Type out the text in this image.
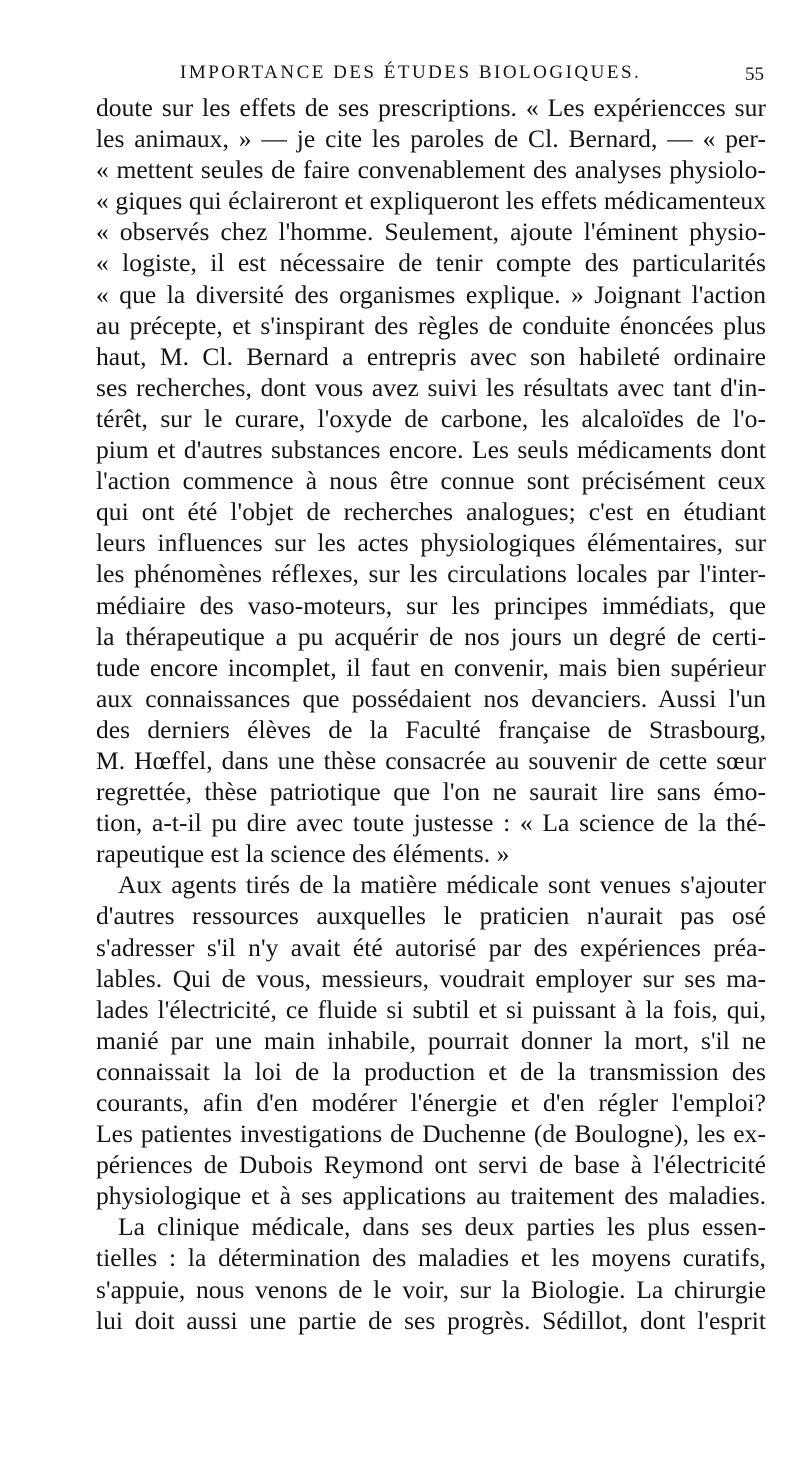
IMPORTANCE DES ÉTUDES BIOLOGIQUES.	55
doute sur les effets de ses prescriptions. « Les expériencces sur
les animaux, » — je cite les paroles de Cl. Bernard, — « per-
« mettent seules de faire convenablement des analyses physiolo-
« giques qui éclaireront et expliqueront les effets médicamenteux
« observés chez l'homme. Seulement, ajoute l'éminent physio-
« logiste, il est nécessaire de tenir compte des particularités
« que la diversité des organismes explique. » Joignant l'action
au précepte, et s'inspirant des règles de conduite énoncées plus
haut, M. Cl. Bernard a entrepris avec son habileté ordinaire
ses recherches, dont vous avez suivi les résultats avec tant d'in-
térêt, sur le curare, l'oxyde de carbone, les alcaloïdes de l'o-
pium et d'autres substances encore. Les seuls médicaments dont
l'action commence à nous être connue sont précisément ceux
qui ont été l'objet de recherches analogues; c'est en étudiant
leurs influences sur les actes physiologiques élémentaires, sur
les phénomènes réflexes, sur les circulations locales par l'inter-
médiaire des vaso-moteurs, sur les principes immédiats, que
la thérapeutique a pu acquérir de nos jours un degré de certi-
tude encore incomplet, il faut en convenir, mais bien supérieur
aux connaissances que possédaient nos devanciers. Aussi l'un
des derniers élèves de la Faculté française de Strasbourg,
M. Hœffel, dans une thèse consacrée au souvenir de cette sœur
regrettée, thèse patriotique que l'on ne saurait lire sans émo-
tion, a-t-il pu dire avec toute justesse : « La science de la thé-
rapeutique est la science des éléments. »
Aux agents tirés de la matière médicale sont venues s'ajouter
d'autres ressources auxquelles le praticien n'aurait pas osé
s'adresser s'il n'y avait été autorisé par des expériences préa-
lables. Qui de vous, messieurs, voudrait employer sur ses ma-
lades l'électricité, ce fluide si subtil et si puissant à la fois, qui,
manié par une main inhabile, pourrait donner la mort, s'il ne
connaissait la loi de la production et de la transmission des
courants, afin d'en modérer l'énergie et d'en régler l'emploi?
Les patientes investigations de Duchenne (de Boulogne), les ex-
périences de Dubois Reymond ont servi de base à l'électricité
physiologique et à ses applications au traitement des maladies.
La clinique médicale, dans ses deux parties les plus essen-
tielles : la détermination des maladies et les moyens curatifs,
s'appuie, nous venons de le voir, sur la Biologie. La chirurgie
lui doit aussi une partie de ses progrès. Sédillot, dont l'esprit
